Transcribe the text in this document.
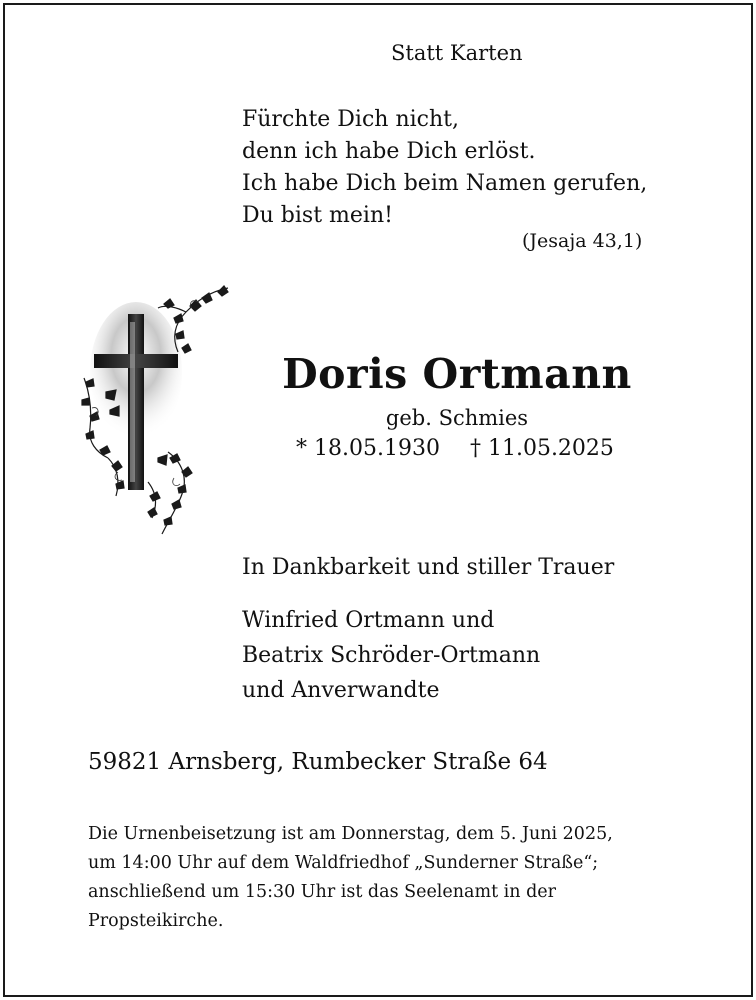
Statt Karten

Fürchte Dich nicht,
denn ich habe Dich erlöst.
Ich habe Dich beim Namen gerufen,
Du bist mein!

(Jesaja 43,1)

Doris Ortmann

geb. Schmies

* 18.05.1930 † 11.05.2025

In Dankbarkeit und stiller Trauer

Winfried Ortmann und
Beatrix Schröder-Ortmann
und Anverwandte

59821 Arnsberg, Rumbecker Straße 64

Die Urnenbeisetzung ist am Donnerstag, dem 5. Juni 2025,
um 14:00 Uhr auf dem Waldfriedhof „Sunderner Straße“;
anschließend um 15:30 Uhr ist das Seelenamt in der
Propsteikirche.
